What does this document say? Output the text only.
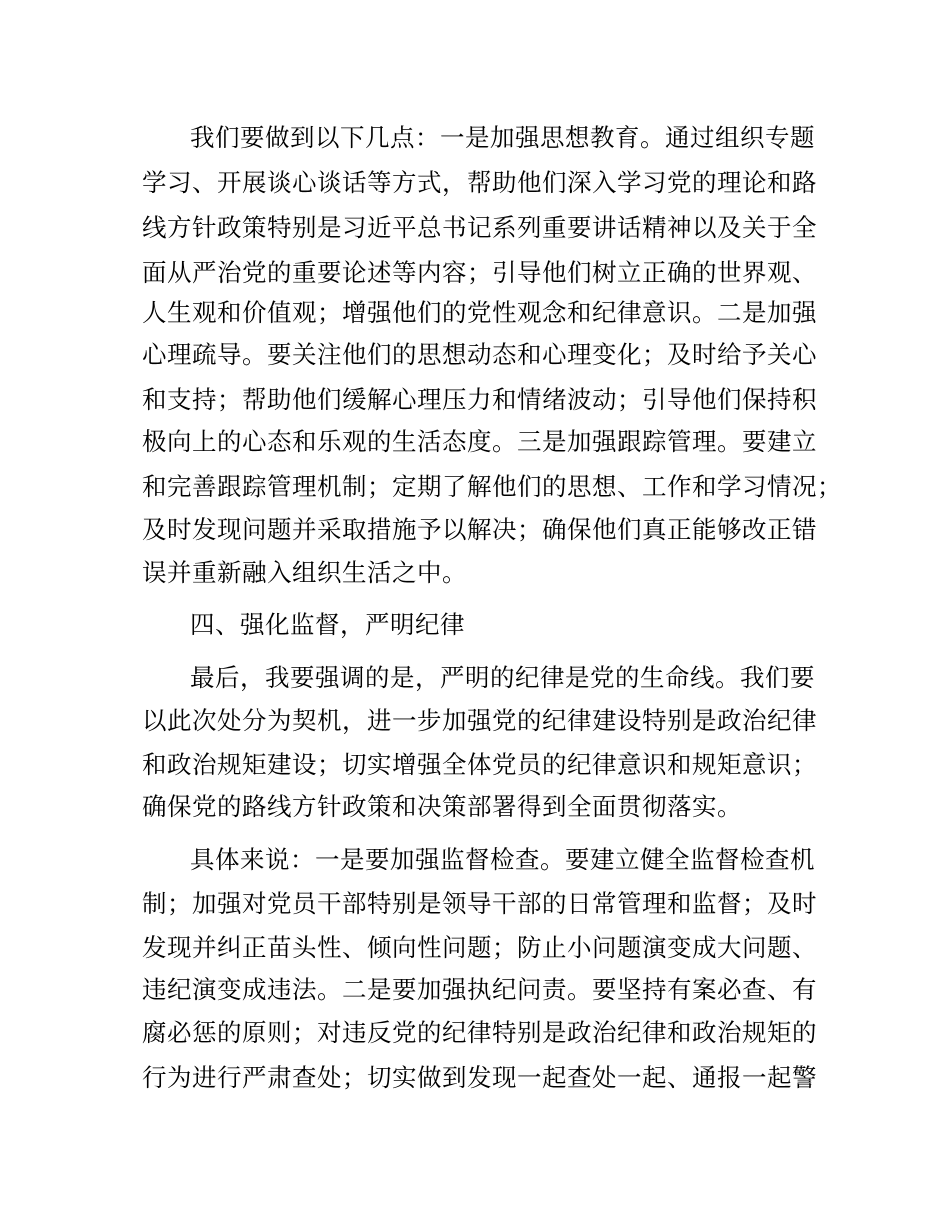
我们要做到以下几点：一是加强思想教育。通过组织专题
学习、开展谈心谈话等方式，帮助他们深入学习党的理论和路
线方针政策特别是习近平总书记系列重要讲话精神以及关于全
面从严治党的重要论述等内容；引导他们树立正确的世界观、
人生观和价值观；增强他们的党性观念和纪律意识。二是加强
心理疏导。要关注他们的思想动态和心理变化；及时给予关心
和支持；帮助他们缓解心理压力和情绪波动；引导他们保持积
极向上的心态和乐观的生活态度。三是加强跟踪管理。要建立
和完善跟踪管理机制；定期了解他们的思想、工作和学习情况；
及时发现问题并采取措施予以解决；确保他们真正能够改正错
误并重新融入组织生活之中。
四、强化监督，严明纪律
最后，我要强调的是，严明的纪律是党的生命线。我们要
以此次处分为契机，进一步加强党的纪律建设特别是政治纪律
和政治规矩建设；切实增强全体党员的纪律意识和规矩意识；
确保党的路线方针政策和决策部署得到全面贯彻落实。
具体来说：一是要加强监督检查。要建立健全监督检查机
制；加强对党员干部特别是领导干部的日常管理和监督；及时
发现并纠正苗头性、倾向性问题；防止小问题演变成大问题、
违纪演变成违法。二是要加强执纪问责。要坚持有案必查、有
腐必惩的原则；对违反党的纪律特别是政治纪律和政治规矩的
行为进行严肃查处；切实做到发现一起查处一起、通报一起警
